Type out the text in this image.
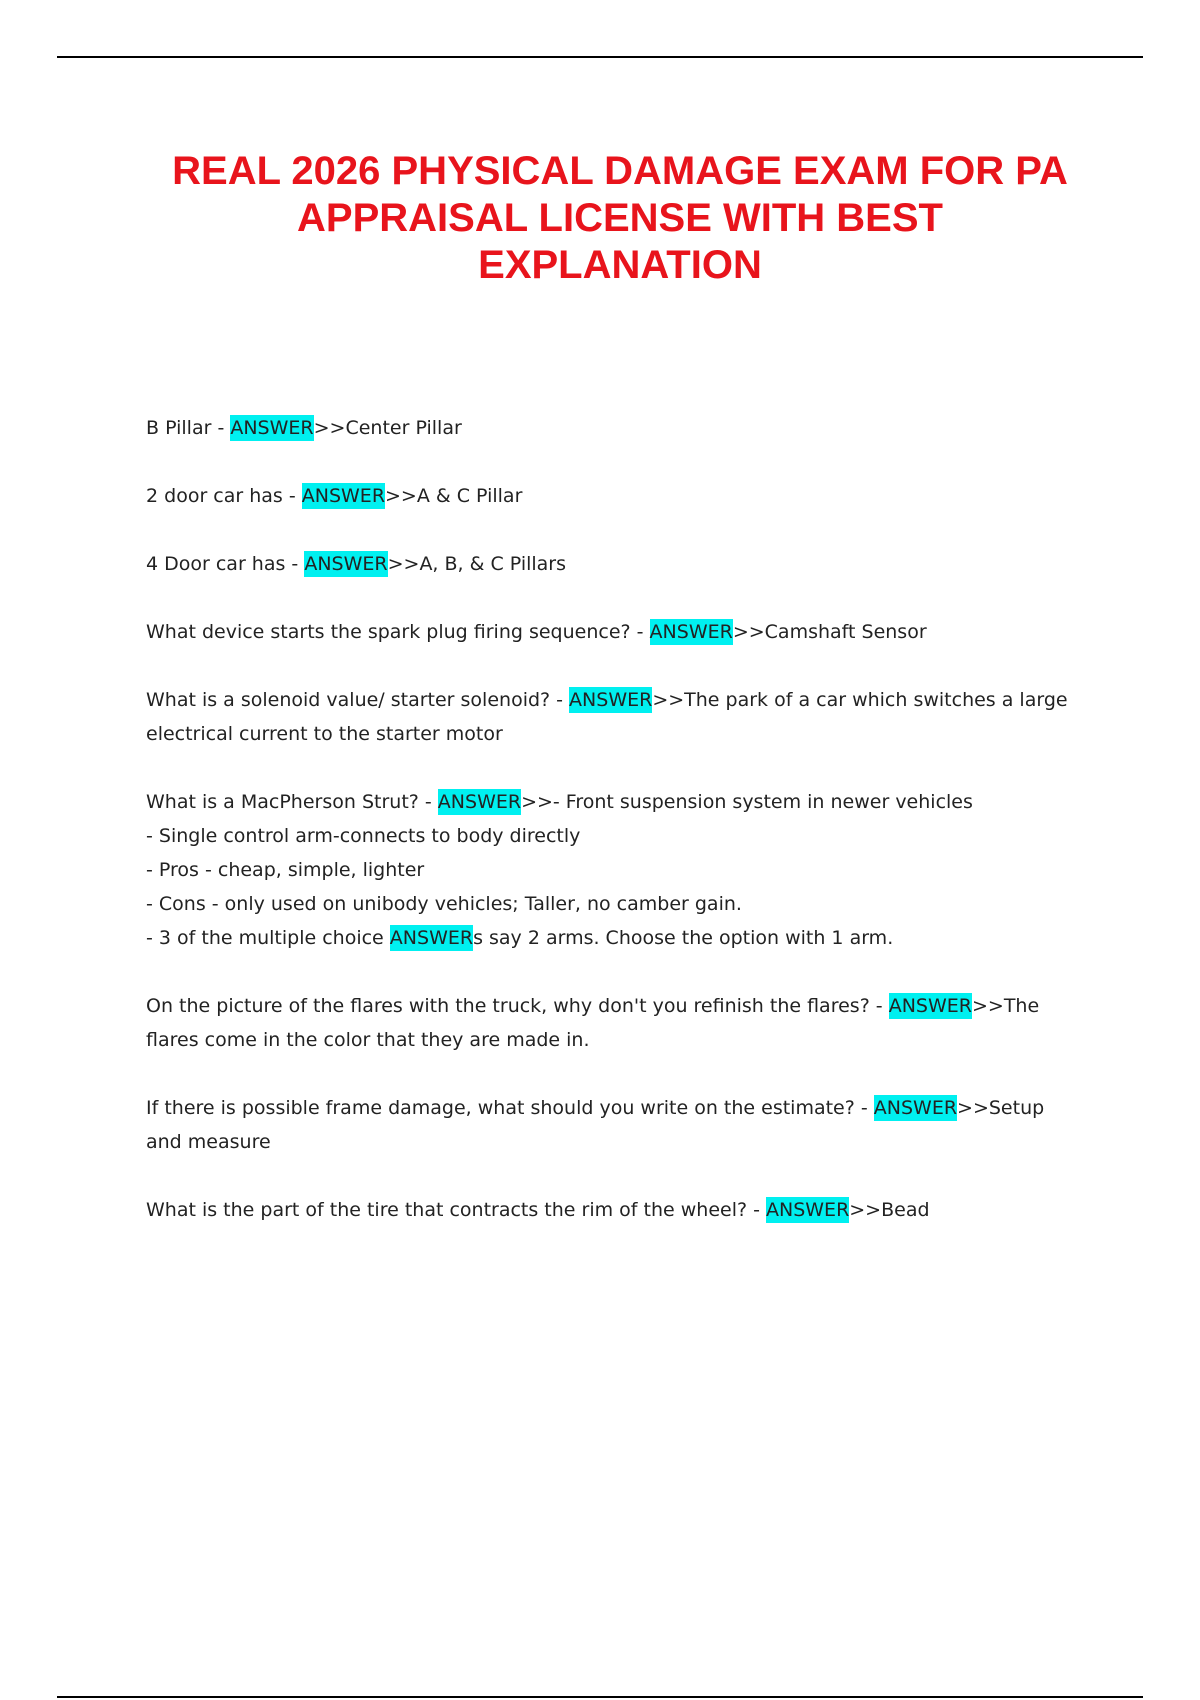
REAL 2026 PHYSICAL DAMAGE EXAM FOR PA
APPRAISAL LICENSE WITH BEST
EXPLANATION
B Pillar - ANSWER>>Center Pillar
2 door car has - ANSWER>>A & C Pillar
4 Door car has - ANSWER>>A, B, & C Pillars
What device starts the spark plug firing sequence? - ANSWER>>Camshaft Sensor
What is a solenoid value/ starter solenoid? - ANSWER>>The park of a car which switches a large
electrical current to the starter motor
What is a MacPherson Strut? - ANSWER>>- Front suspension system in newer vehicles
- Single control arm-connects to body directly
- Pros - cheap, simple, lighter
- Cons - only used on unibody vehicles; Taller, no camber gain.
- 3 of the multiple choice ANSWERs say 2 arms. Choose the option with 1 arm.
On the picture of the flares with the truck, why don't you refinish the flares? - ANSWER>>The
flares come in the color that they are made in.
If there is possible frame damage, what should you write on the estimate? - ANSWER>>Setup
and measure
What is the part of the tire that contracts the rim of the wheel? - ANSWER>>Bead
